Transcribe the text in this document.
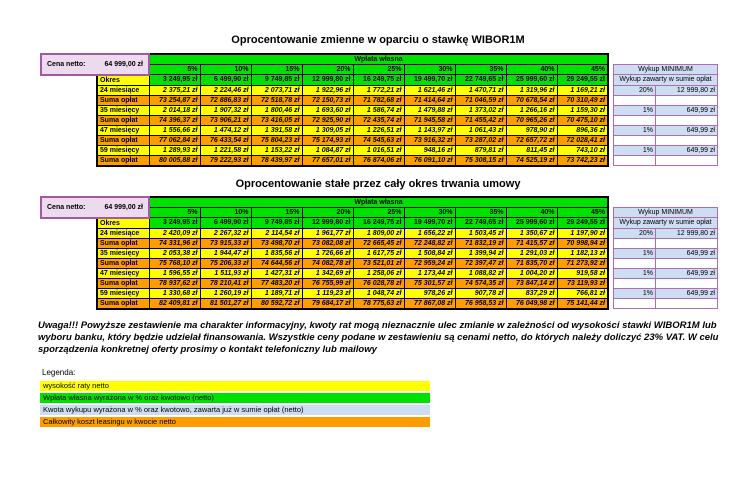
Oprocentowanie zmienne w oparciu o stawkę WIBOR1M
Cena netto: 64 999,00 zł		Wpłata własna											
		5%	10%	15%	20%	25%	30%	35%	40%	45%		Wykup MINIMUM	
	Okres	3 249,95 zł	6 499,90 zł	9 749,85 zł	12 999,80 zł	16 249,75 zł	19 499,70 zł	22 749,65 zł	25 999,60 zł	29 249,55 zł		Wykup zawarty w sumie opłat	
	24 miesiące	2 375,21 zł	2 224,46 zł	2 073,71 zł	1 922,96 zł	1 772,21 zł	1 621,46 zł	1 470,71 zł	1 319,96 zł	1 169,21 zł		20%	12 999,80 zł
	Suma opłat	73 254,87 zł	72 886,83 zł	72 518,78 zł	72 150,73 zł	71 782,68 zł	71 414,64 zł	71 046,59 zł	70 678,54 zł	70 310,49 zł			
	35 miesięcy	2 014,18 zł	1 907,32 zł	1 800,46 zł	1 693,60 zł	1 586,74 zł	1 479,88 zł	1 373,02 zł	1 266,16 zł	1 159,30 zł		1%	649,99 zł
	Suma opłat	74 396,37 zł	73 906,21 zł	73 416,05 zł	72 925,90 zł	72 435,74 zł	71 945,58 zł	71 455,42 zł	70 965,26 zł	70 475,10 zł			
	47 miesięcy	1 556,66 zł	1 474,12 zł	1 391,58 zł	1 309,05 zł	1 226,51 zł	1 143,97 zł	1 061,43 zł	978,90 zł	896,36 zł		1%	649,99 zł
	Suma opłat	77 062,84 zł	76 433,54 zł	75 804,23 zł	75 174,93 zł	74 545,63 zł	73 916,32 zł	73 287,02 zł	72 657,72 zł	72 028,41 zł			
	59 miesięcy	1 289,93 zł	1 221,58 zł	1 153,22 zł	1 084,87 zł	1 016,51 zł	948,16 zł	879,81 zł	811,45 zł	743,10 zł		1%	649,99 zł
	Suma opłat	80 005,88 zł	79 222,93 zł	78 439,97 zł	77 657,01 zł	76 874,06 zł	76 091,10 zł	75 308,15 zł	74 525,19 zł	73 742,23 zł			
Oprocentowanie stałe przez cały okres trwania umowy
Cena netto: 64 999,00 zł		Wpłata własna											
		5%	10%	15%	20%	25%	30%	35%	40%	45%		Wykup MINIMUM	
	Okres	3 249,95 zł	6 499,90 zł	9 749,85 zł	12 999,80 zł	16 249,75 zł	19 499,70 zł	22 749,65 zł	25 999,60 zł	29 249,55 zł		Wykup zawarty w sumie opłat	
	24 miesiące	2 420,09 zł	2 267,32 zł	2 114,54 zł	1 961,77 zł	1 809,00 zł	1 656,22 zł	1 503,45 zł	1 350,67 zł	1 197,90 zł		20%	12 999,80 zł
	Suma opłat	74 331,96 zł	73 915,33 zł	73 498,70 zł	73 082,08 zł	72 665,45 zł	72 248,82 zł	71 832,19 zł	71 415,57 zł	70 998,94 zł			
	35 miesięcy	2 053,38 zł	1 944,47 zł	1 835,56 zł	1 726,66 zł	1 617,75 zł	1 508,84 zł	1 399,94 zł	1 291,03 zł	1 182,13 zł		1%	649,99 zł
	Suma opłat	75 768,10 zł	75 206,33 zł	74 644,56 zł	74 082,78 zł	73 521,01 zł	72 959,24 zł	72 397,47 zł	71 835,70 zł	71 273,92 zł			
	47 miesięcy	1 596,55 zł	1 511,93 zł	1 427,31 zł	1 342,69 zł	1 258,06 zł	1 173,44 zł	1 088,82 zł	1 004,20 zł	919,58 zł		1%	649,99 zł
	Suma opłat	78 937,62 zł	78 210,41 zł	77 483,20 zł	76 755,99 zł	76 028,78 zł	75 301,57 zł	74 574,35 zł	73 847,14 zł	73 119,93 zł			
	59 miesięcy	1 330,68 zł	1 260,19 zł	1 189,71 zł	1 119,23 zł	1 048,74 zł	978,26 zł	907,78 zł	837,29 zł	766,81 zł		1%	649,99 zł
	Suma opłat	82 409,81 zł	81 501,27 zł	80 592,72 zł	79 684,17 zł	78 775,63 zł	77 867,08 zł	76 958,53 zł	76 049,98 zł	75 141,44 zł			
Uwaga!!! Powyższe zestawienie ma charakter informacyjny, kwoty rat mogą nieznacznie ulec zmianie w zależności od wysokości stawki WIBOR1M lub wyboru banku, który będzie udzielał finansowania. Wszystkie ceny podane w zestawieniu są cenami netto, do których należy doliczyć 23% VAT. W celu sporządzenia konkretnej oferty prosimy o kontakt telefoniczny lub mailowy
Legenda:
wysokość raty netto
Wpłata własna wyrażona w % oraz kwotowo (netto)
Kwota wykupu wyrażona w % oraz kwotowo, zawarta już w sumie opłat (netto)
Całkowity koszt leasingu w kwocie netto
